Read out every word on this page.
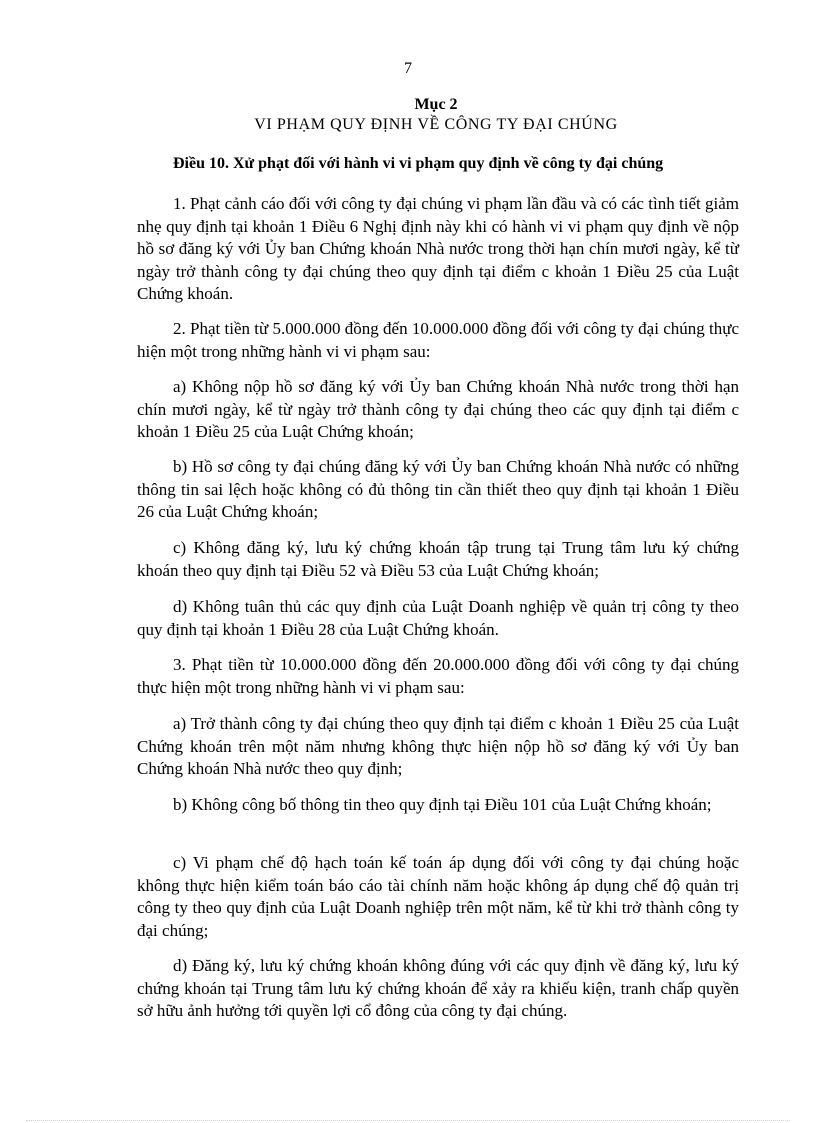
7
Mục 2
VI PHẠM QUY ĐỊNH VỀ CÔNG TY ĐẠI CHÚNG
Điều 10. Xử phạt đối với hành vi vi phạm quy định về công ty đại chúng

1. Phạt cảnh cáo đối với công ty đại chúng vi phạm lần đầu và có các tình tiết giảm nhẹ quy định tại khoản 1 Điều 6 Nghị định này khi có hành vi vi phạm quy định về nộp hồ sơ đăng ký với Ủy ban Chứng khoán Nhà nước trong thời hạn chín mươi ngày, kể từ ngày trở thành công ty đại chúng theo quy định tại điểm c khoản 1 Điều 25 của Luật Chứng khoán.

2. Phạt tiền từ 5.000.000 đồng đến 10.000.000 đồng đối với công ty đại chúng thực hiện một trong những hành vi vi phạm sau:

a) Không nộp hồ sơ đăng ký với Ủy ban Chứng khoán Nhà nước trong thời hạn chín mươi ngày, kể từ ngày trở thành công ty đại chúng theo các quy định tại điểm c khoản 1 Điều 25 của Luật Chứng khoán;

b) Hồ sơ công ty đại chúng đăng ký với Ủy ban Chứng khoán Nhà nước có những thông tin sai lệch hoặc không có đủ thông tin cần thiết theo quy định tại khoản 1 Điều 26 của Luật Chứng khoán;

c) Không đăng ký, lưu ký chứng khoán tập trung tại Trung tâm lưu ký chứng khoán theo quy định tại Điều 52 và Điều 53 của Luật Chứng khoán;

d) Không tuân thủ các quy định của Luật Doanh nghiệp về quản trị công ty theo quy định tại khoản 1 Điều 28 của Luật Chứng khoán.

3. Phạt tiền từ 10.000.000 đồng đến 20.000.000 đồng đối với công ty đại chúng thực hiện một trong những hành vi vi phạm sau:

a) Trở thành công ty đại chúng theo quy định tại điểm c khoản 1 Điều 25 của Luật Chứng khoán trên một năm nhưng không thực hiện nộp hồ sơ đăng ký với Ủy ban Chứng khoán Nhà nước theo quy định;

b) Không công bố thông tin theo quy định tại Điều 101 của Luật Chứng khoán;

c) Vi phạm chế độ hạch toán kế toán áp dụng đối với công ty đại chúng hoặc không thực hiện kiểm toán báo cáo tài chính năm hoặc không áp dụng chế độ quản trị công ty theo quy định của Luật Doanh nghiệp trên một năm, kể từ khi trở thành công ty đại chúng;

d) Đăng ký, lưu ký chứng khoán không đúng với các quy định về đăng ký, lưu ký chứng khoán tại Trung tâm lưu ký chứng khoán để xảy ra khiếu kiện, tranh chấp quyền sở hữu ảnh hưởng tới quyền lợi cổ đông của công ty đại chúng.
